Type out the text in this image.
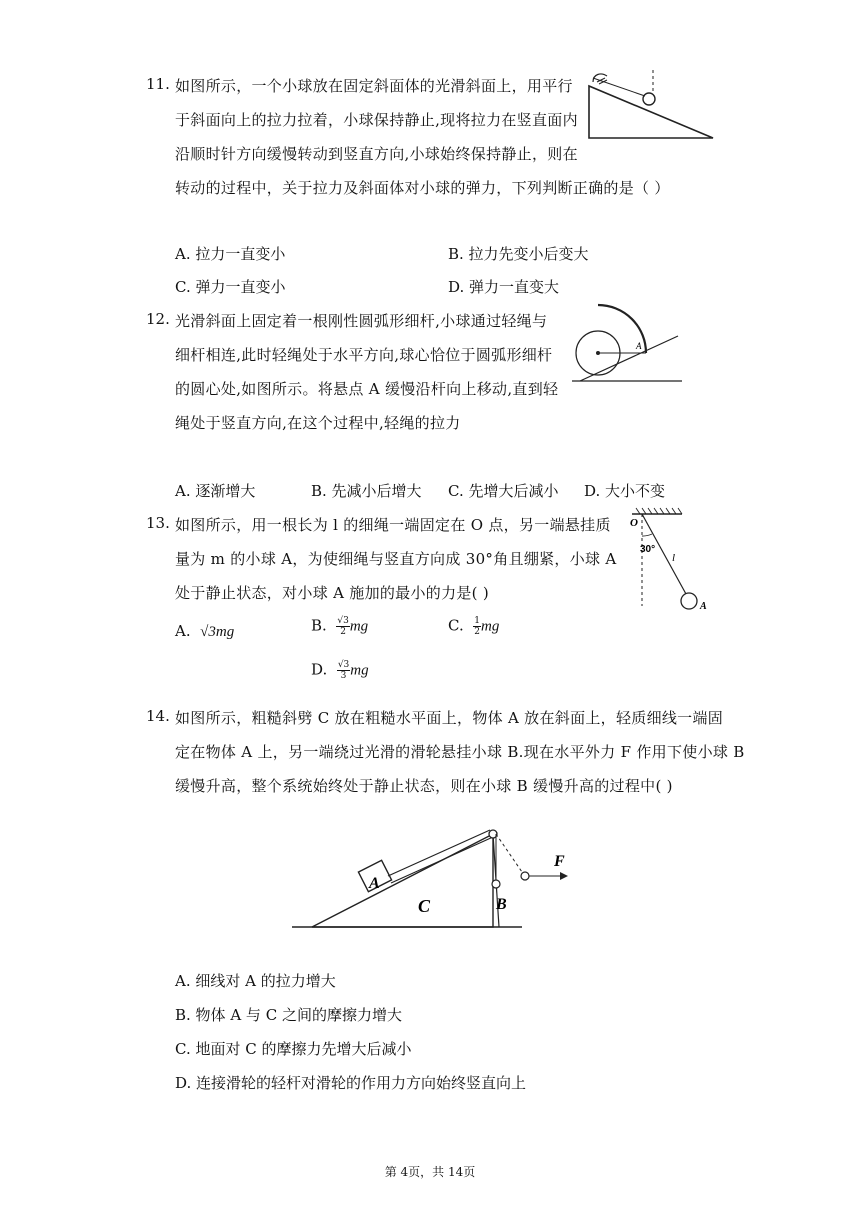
11. 如图所示，一个小球放在固定斜面体的光滑斜面上，用平行
于斜面向上的拉力拉着，小球保持静止,现将拉力在竖直面内
沿顺时针方向缓慢转动到竖直方向,小球始终保持静止，则在
转动的过程中，关于拉力及斜面体对小球的弹力，下列判断正确的是（ ）
A. 拉力一直变小	B. 拉力先变小后变大
C. 弹力一直变小	D. 弹力一直变大
12. 光滑斜面上固定着一根刚性圆弧形细杆,小球通过轻绳与
细杆相连,此时轻绳处于水平方向,球心恰位于圆弧形细杆
的圆心处,如图所示。将悬点 A 缓慢沿杆向上移动,直到轻
绳处于竖直方向,在这个过程中,轻绳的拉力
A
A. 逐渐增大	B. 先减小后增大 C. 先增大后减小 D. 大小不变
13. 如图所示，用一根长为 l 的细绳一端固定在 O 点，另一端悬挂质
量为 m 的小球 A，为使细绳与竖直方向成 30°角且绷紧，小球 A
处于静止状态，对小球 A 施加的最小的力是( )
O
30°
l
A
A. √3mg	B. $\frac{√3}{2}$ mg	C. $\frac{1}{2}$ mg
D. $\frac{√3}{3}$ mg
14. 如图所示，粗糙斜劈 C 放在粗糙水平面上，物体 A 放在斜面上，轻质细线一端固
定在物体 A 上，另一端绕过光滑的滑轮悬挂小球 B.现在水平外力 F 作用下使小球 B
缓慢升高，整个系统始终处于静止状态，则在小球 B 缓慢升高的过程中( )
A
C	B
F
A. 细线对 A 的拉力增大
B. 物体 A 与 C 之间的摩擦力增大
C. 地面对 C 的摩擦力先增大后减小
D. 连接滑轮的轻杆对滑轮的作用力方向始终竖直向上
第 4页，共 14页
